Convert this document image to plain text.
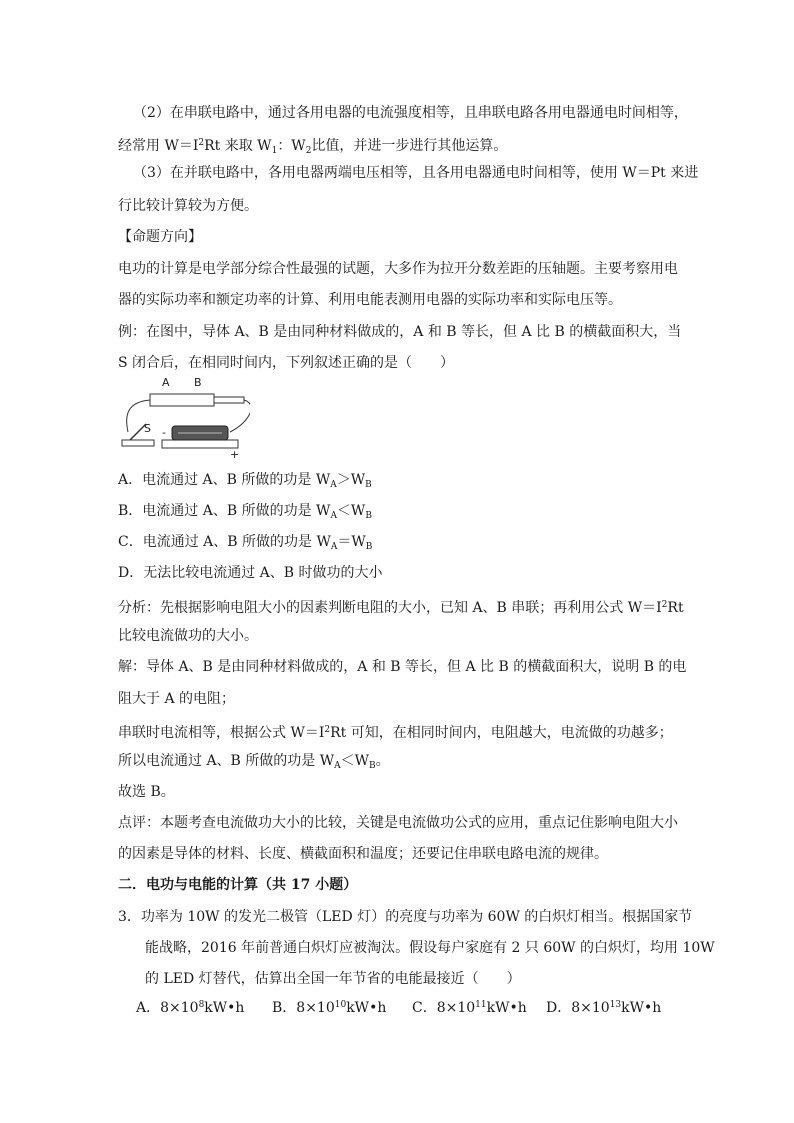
（2）在串联电路中，通过各用电器的电流强度相等，且串联电路各用电器通电时间相等，
经常用 $W=I^2Rt$ 来取 $W_1$：$W_2$比值，并进一步进行其他运算。
（3）在并联电路中，各用电器两端电压相等，且各用电器通电时间相等，使用 W＝Pt 来进
行比较计算较为方便。
【命题方向】
电功的计算是电学部分综合性最强的试题，大多作为拉开分数差距的压轴题。主要考察用电
器的实际功率和额定功率的计算、利用电能表测用电器的实际功率和实际电压等。
例：在图中，导体 A、B 是由同种材料做成的，A 和 B 等长，但 A 比 B 的横截面积大，当
S 闭合后，在相同时间内，下列叙述正确的是（　　）
A B
S -
+
A．电流通过 A、B 所做的功是 $W_A>W_B$
B．电流通过 A、B 所做的功是 $W_A<W_B$
C．电流通过 A、B 所做的功是 $W_A=W_B$
D．无法比较电流通过 A、B 时做功的大小
分析：先根据影响电阻大小的因素判断电阻的大小，已知 A、B 串联；再利用公式 $W=I^2Rt$
比较电流做功的大小。
解：导体 A、B 是由同种材料做成的，A 和 B 等长，但 A 比 B 的横截面积大，说明 B 的电
阻大于 A 的电阻；
串联时电流相等，根据公式 $W=I^2Rt$ 可知，在相同时间内，电阻越大，电流做的功越多；
所以电流通过 A、B 所做的功是 $W_A<W_B$。
故选 B。
点评：本题考查电流做功大小的比较，关键是电流做功公式的应用，重点记住影响电阻大小
的因素是导体的材料、长度、横截面积和温度；还要记住串联电路电流的规律。
二．电功与电能的计算（共 17 小题）
3．功率为 10W 的发光二极管（LED 灯）的亮度与功率为 60W 的白炽灯相当。根据国家节
能战略，2016 年前普通白炽灯应被淘汰。假设每户家庭有 2 只 60W 的白炽灯，均用 10W
的 LED 灯替代，估算出全国一年节省的电能最接近（　　）
A．$8\times 10^8kW•h$ B．$8\times 10^{10}kW•h$ C．$8\times 10^{11}kW•h$ D．$8\times 10^{13}kW•h$
